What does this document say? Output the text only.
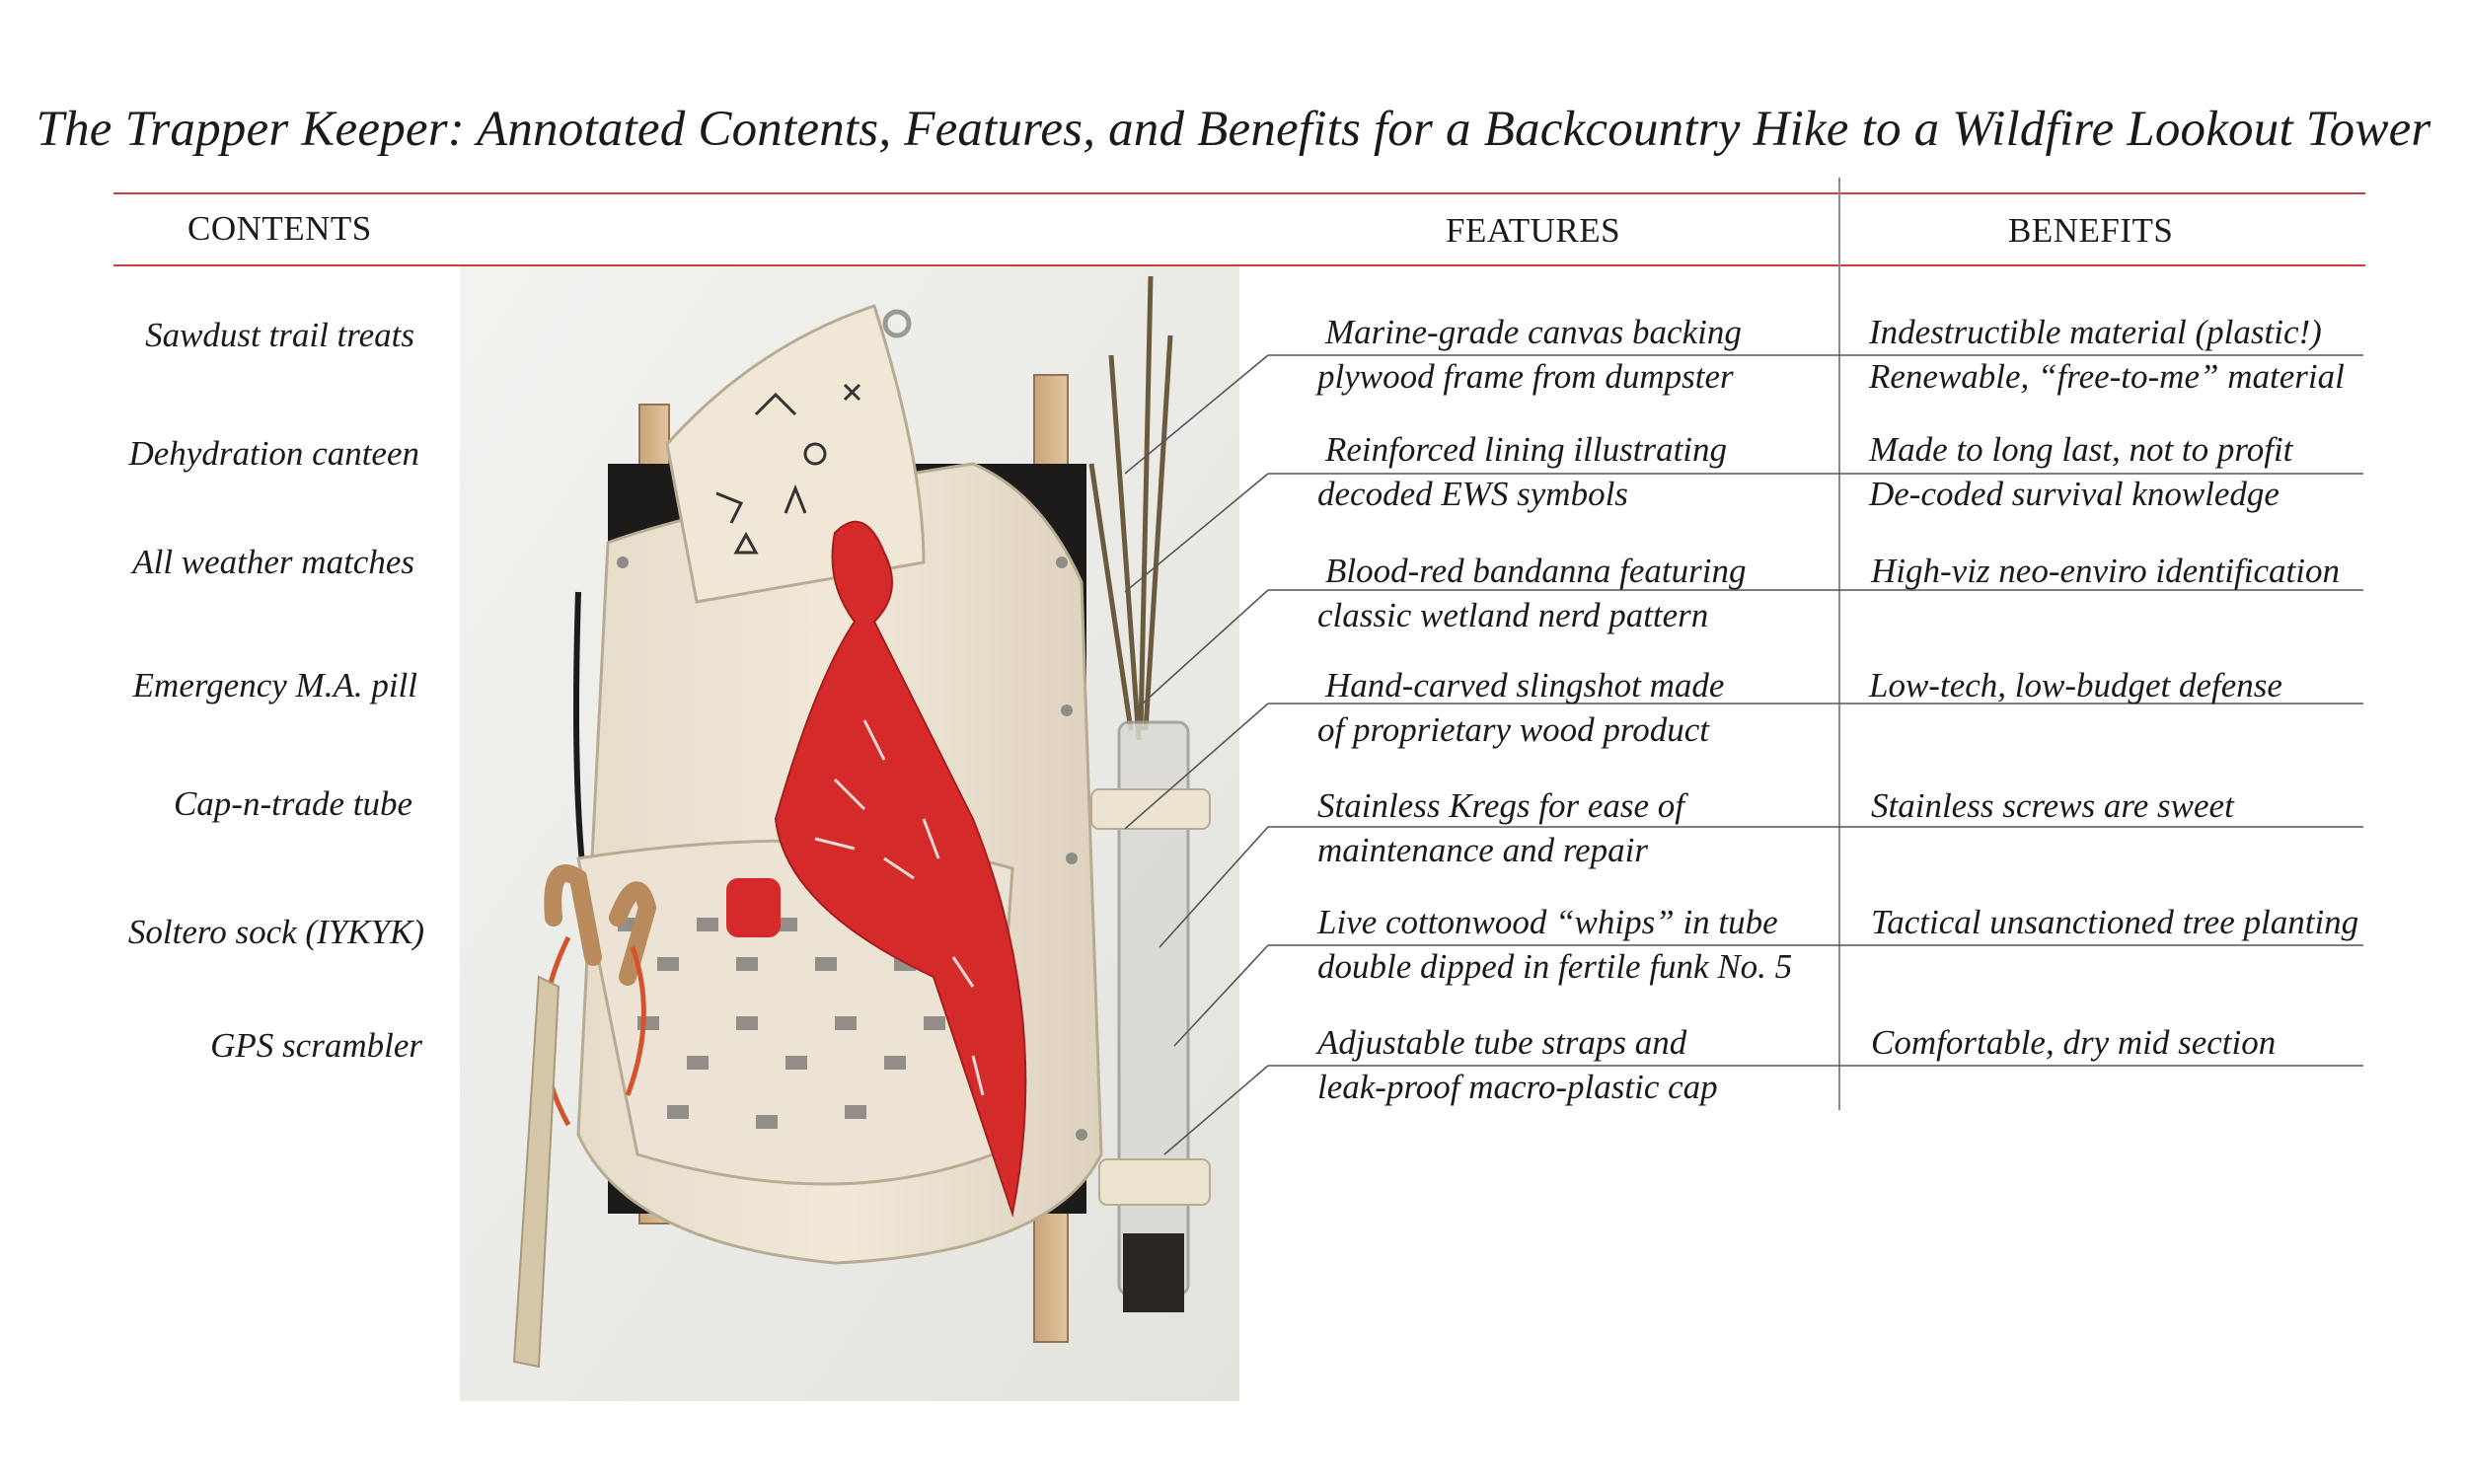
The Trapper Keeper: Annotated Contents, Features, and Benefits for a Backcountry Hike to a Wildfire Lookout Tower
CONTENTS	FEATURES	BENEFITS
Sawdust trail treats
Dehydration canteen
All weather matches
Emergency M.A. pill
Cap-n-trade tube
Soltero sock (IYKYK)
GPS scrambler
Marine-grade canvas backing
plywood frame from dumpster
Reinforced lining illustrating
decoded EWS symbols
Blood-red bandanna featuring
classic wetland nerd pattern
Hand-carved slingshot made
of proprietary wood product
Stainless Kregs for ease of
maintenance and repair
Live cottonwood “whips” in tube
double dipped in fertile funk No. 5
Adjustable tube straps and
leak-proof macro-plastic cap
Indestructible material (plastic!)
Renewable, “free-to-me” material
Made to long last, not to profit
De-coded survival knowledge
High-viz neo-enviro identification
Low-tech, low-budget defense
Stainless screws are sweet
Tactical unsanctioned tree planting
Comfortable, dry mid section
